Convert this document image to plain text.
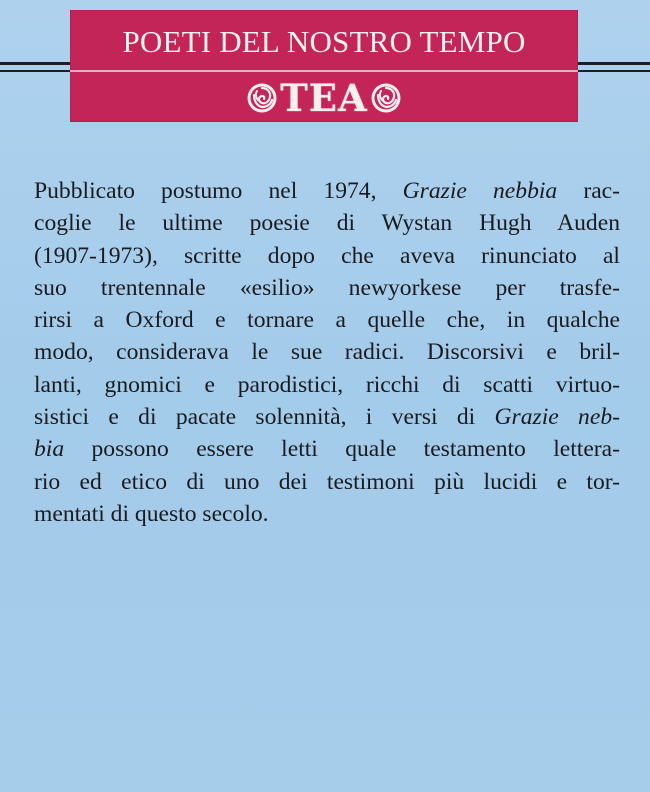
POETI DEL NOSTRO TEMPO
TEA

Pubblicato postumo nel 1974, Grazie nebbia rac-
coglie le ultime poesie di Wystan Hugh Auden
(1907-1973), scritte dopo che aveva rinunciato al
suo trentennale «esilio» newyorkese per trasfe-
rirsi a Oxford e tornare a quelle che, in qualche
modo, considerava le sue radici. Discorsivi e bril-
lanti, gnomici e parodistici, ricchi di scatti virtuo-
sistici e di pacate solennità, i versi di Grazie neb-
bia possono essere letti quale testamento lettera-
rio ed etico di uno dei testimoni più lucidi e tor-
mentati di questo secolo.
